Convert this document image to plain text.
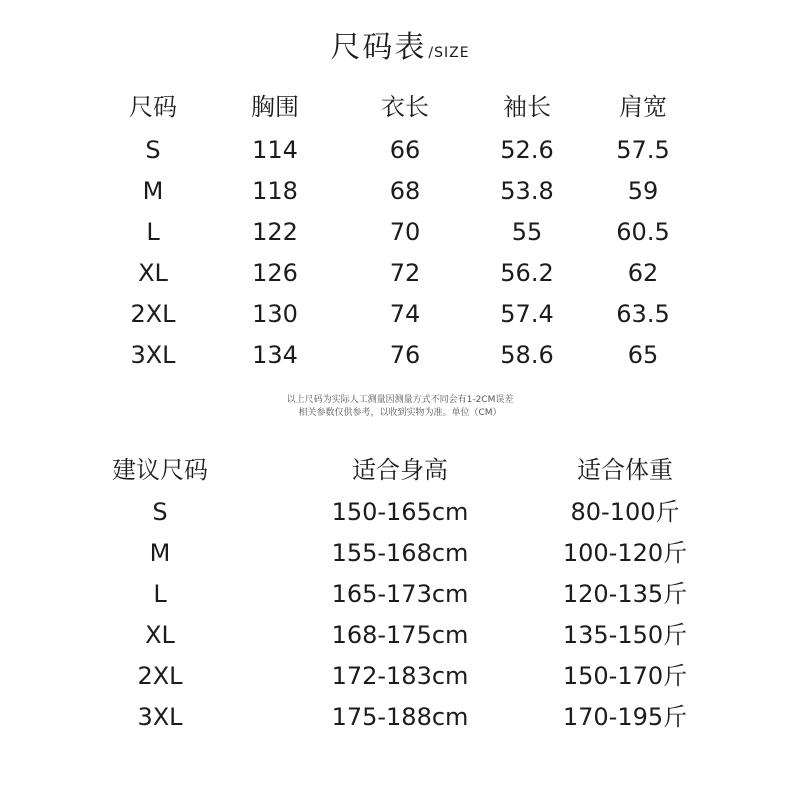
尺码表 /SIZE
尺码	胸围	衣长	袖长	肩宽
S	114	66	52.6	57.5
M	118	68	53.8	59
L	122	70	55	60.5
XL	126	72	56.2	62
2XL	130	74	57.4	63.5
3XL	134	76	58.6	65
以上尺码为实际人工测量因测量方式不同会有1-2CM误差
相关参数仅供参考，以收到实物为准。单位（CM）
建议尺码	适合身高	适合体重
S	150-165cm	80-100斤
M	155-168cm	100-120斤
L	165-173cm	120-135斤
XL	168-175cm	135-150斤
2XL	172-183cm	150-170斤
3XL	175-188cm	170-195斤
